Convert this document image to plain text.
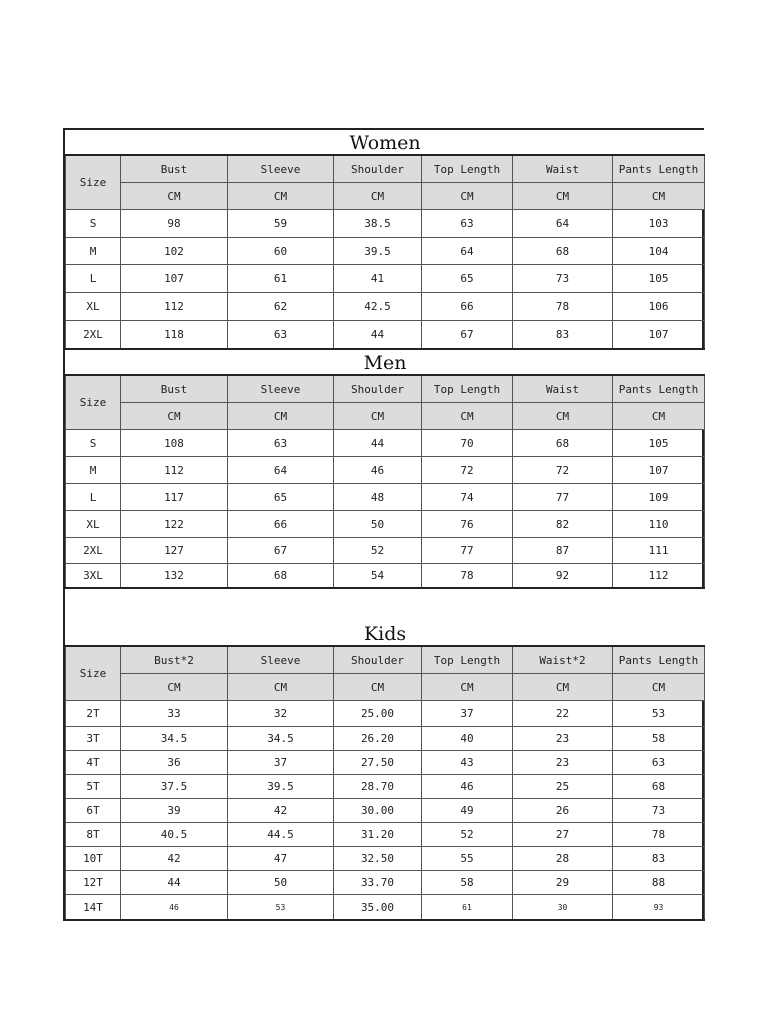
Women						
Size	Bust	Sleeve	Shoulder	Top Length	Waist	Pants Length
	CM	CM	CM	CM	CM	CM
S	98	59	38.5	63	64	103
M	102	60	39.5	64	68	104
L	107	61	41	65	73	105
XL	112	62	42.5	66	78	106
2XL	118	63	44	67	83	107
Men						
Size	Bust	Sleeve	Shoulder	Top Length	Waist	Pants Length
	CM	CM	CM	CM	CM	CM
S	108	63	44	70	68	105
M	112	64	46	72	72	107
L	117	65	48	74	77	109
XL	122	66	50	76	82	110
2XL	127	67	52	77	87	111
3XL	132	68	54	78	92	112
Kids						
Size	Bust*2	Sleeve	Shoulder	Top Length	Waist*2	Pants Length
	CM	CM	CM	CM	CM	CM
2T	33	32	25.00	37	22	53
3T	34.5	34.5	26.20	40	23	58
4T	36	37	27.50	43	23	63
5T	37.5	39.5	28.70	46	25	68
6T	39	42	30.00	49	26	73
8T	40.5	44.5	31.20	52	27	78
10T	42	47	32.50	55	28	83
12T	44	50	33.70	58	29	88
14T	46	53	35.00	61	30	93
